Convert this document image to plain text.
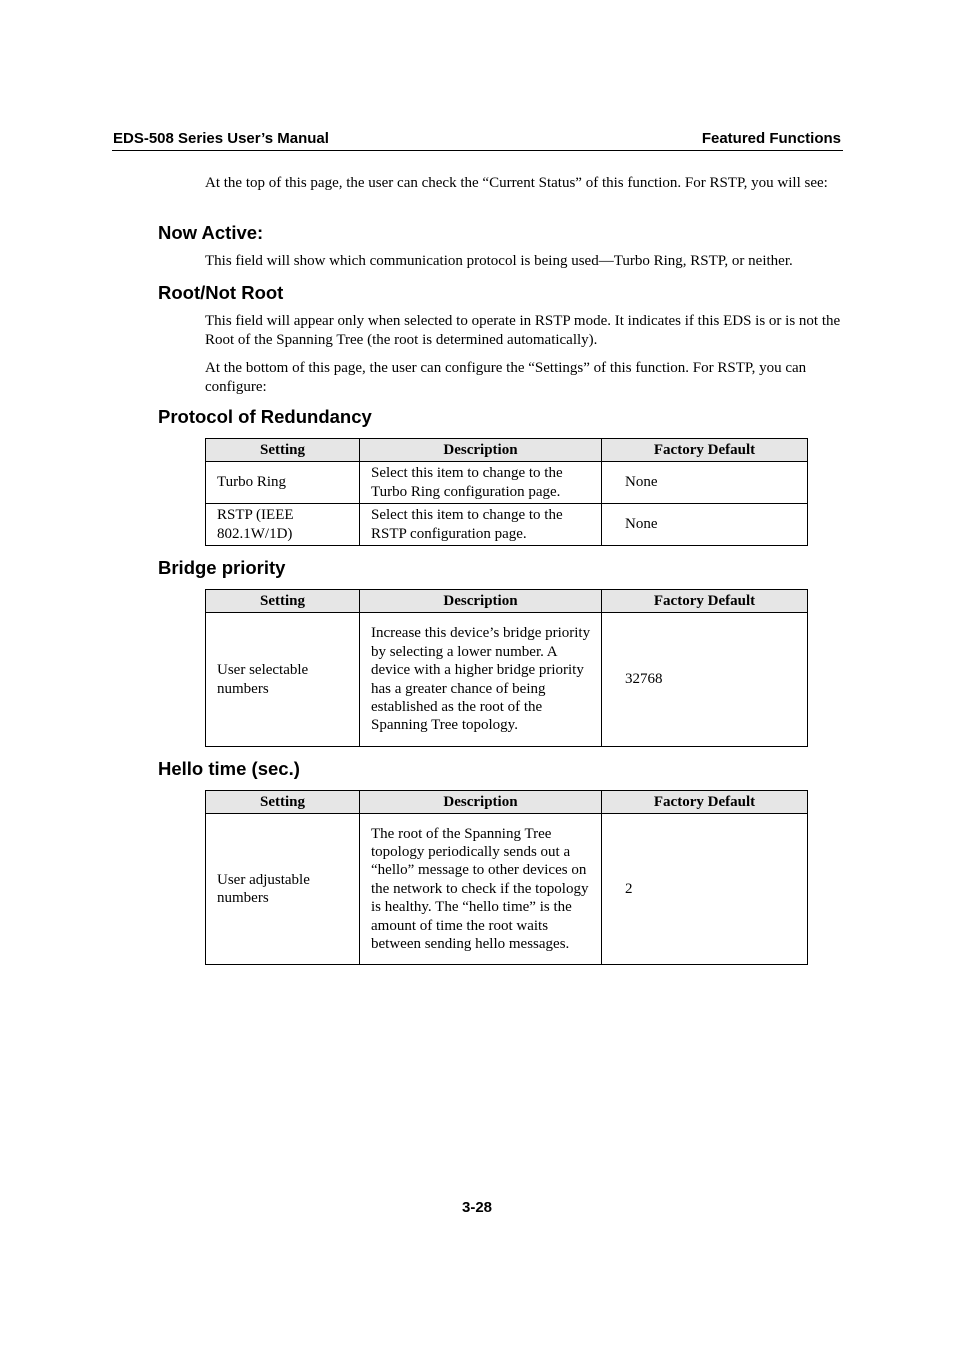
EDS-508 Series User’s Manual	Featured Functions

At the top of this page, the user can check the “Current Status” of this function. For RSTP, you will see:

Now Active:

This field will show which communication protocol is being used—Turbo Ring, RSTP, or neither.

Root/Not Root

This field will appear only when selected to operate in RSTP mode. It indicates if this EDS is or is not the Root of the Spanning Tree (the root is determined automatically).

At the bottom of this page, the user can configure the “Settings” of this function. For RSTP, you can configure:

Protocol of Redundancy
Setting	Description	Factory Default
Turbo Ring	Select this item to change to the Turbo Ring configuration page.	None
RSTP (IEEE 802.1W/1D)	Select this item to change to the RSTP configuration page.	None
Bridge priority
Setting	Description	Factory Default
User selectable numbers	Increase this device’s bridge priority by selecting a lower number. A device with a higher bridge priority has a greater chance of being established as the root of the Spanning Tree topology.	32768
Hello time (sec.)
Setting	Description	Factory Default
User adjustable numbers	The root of the Spanning Tree topology periodically sends out a “hello” message to other devices on the network to check if the topology is healthy. The “hello time” is the amount of time the root waits between sending hello messages.	2
3-28
